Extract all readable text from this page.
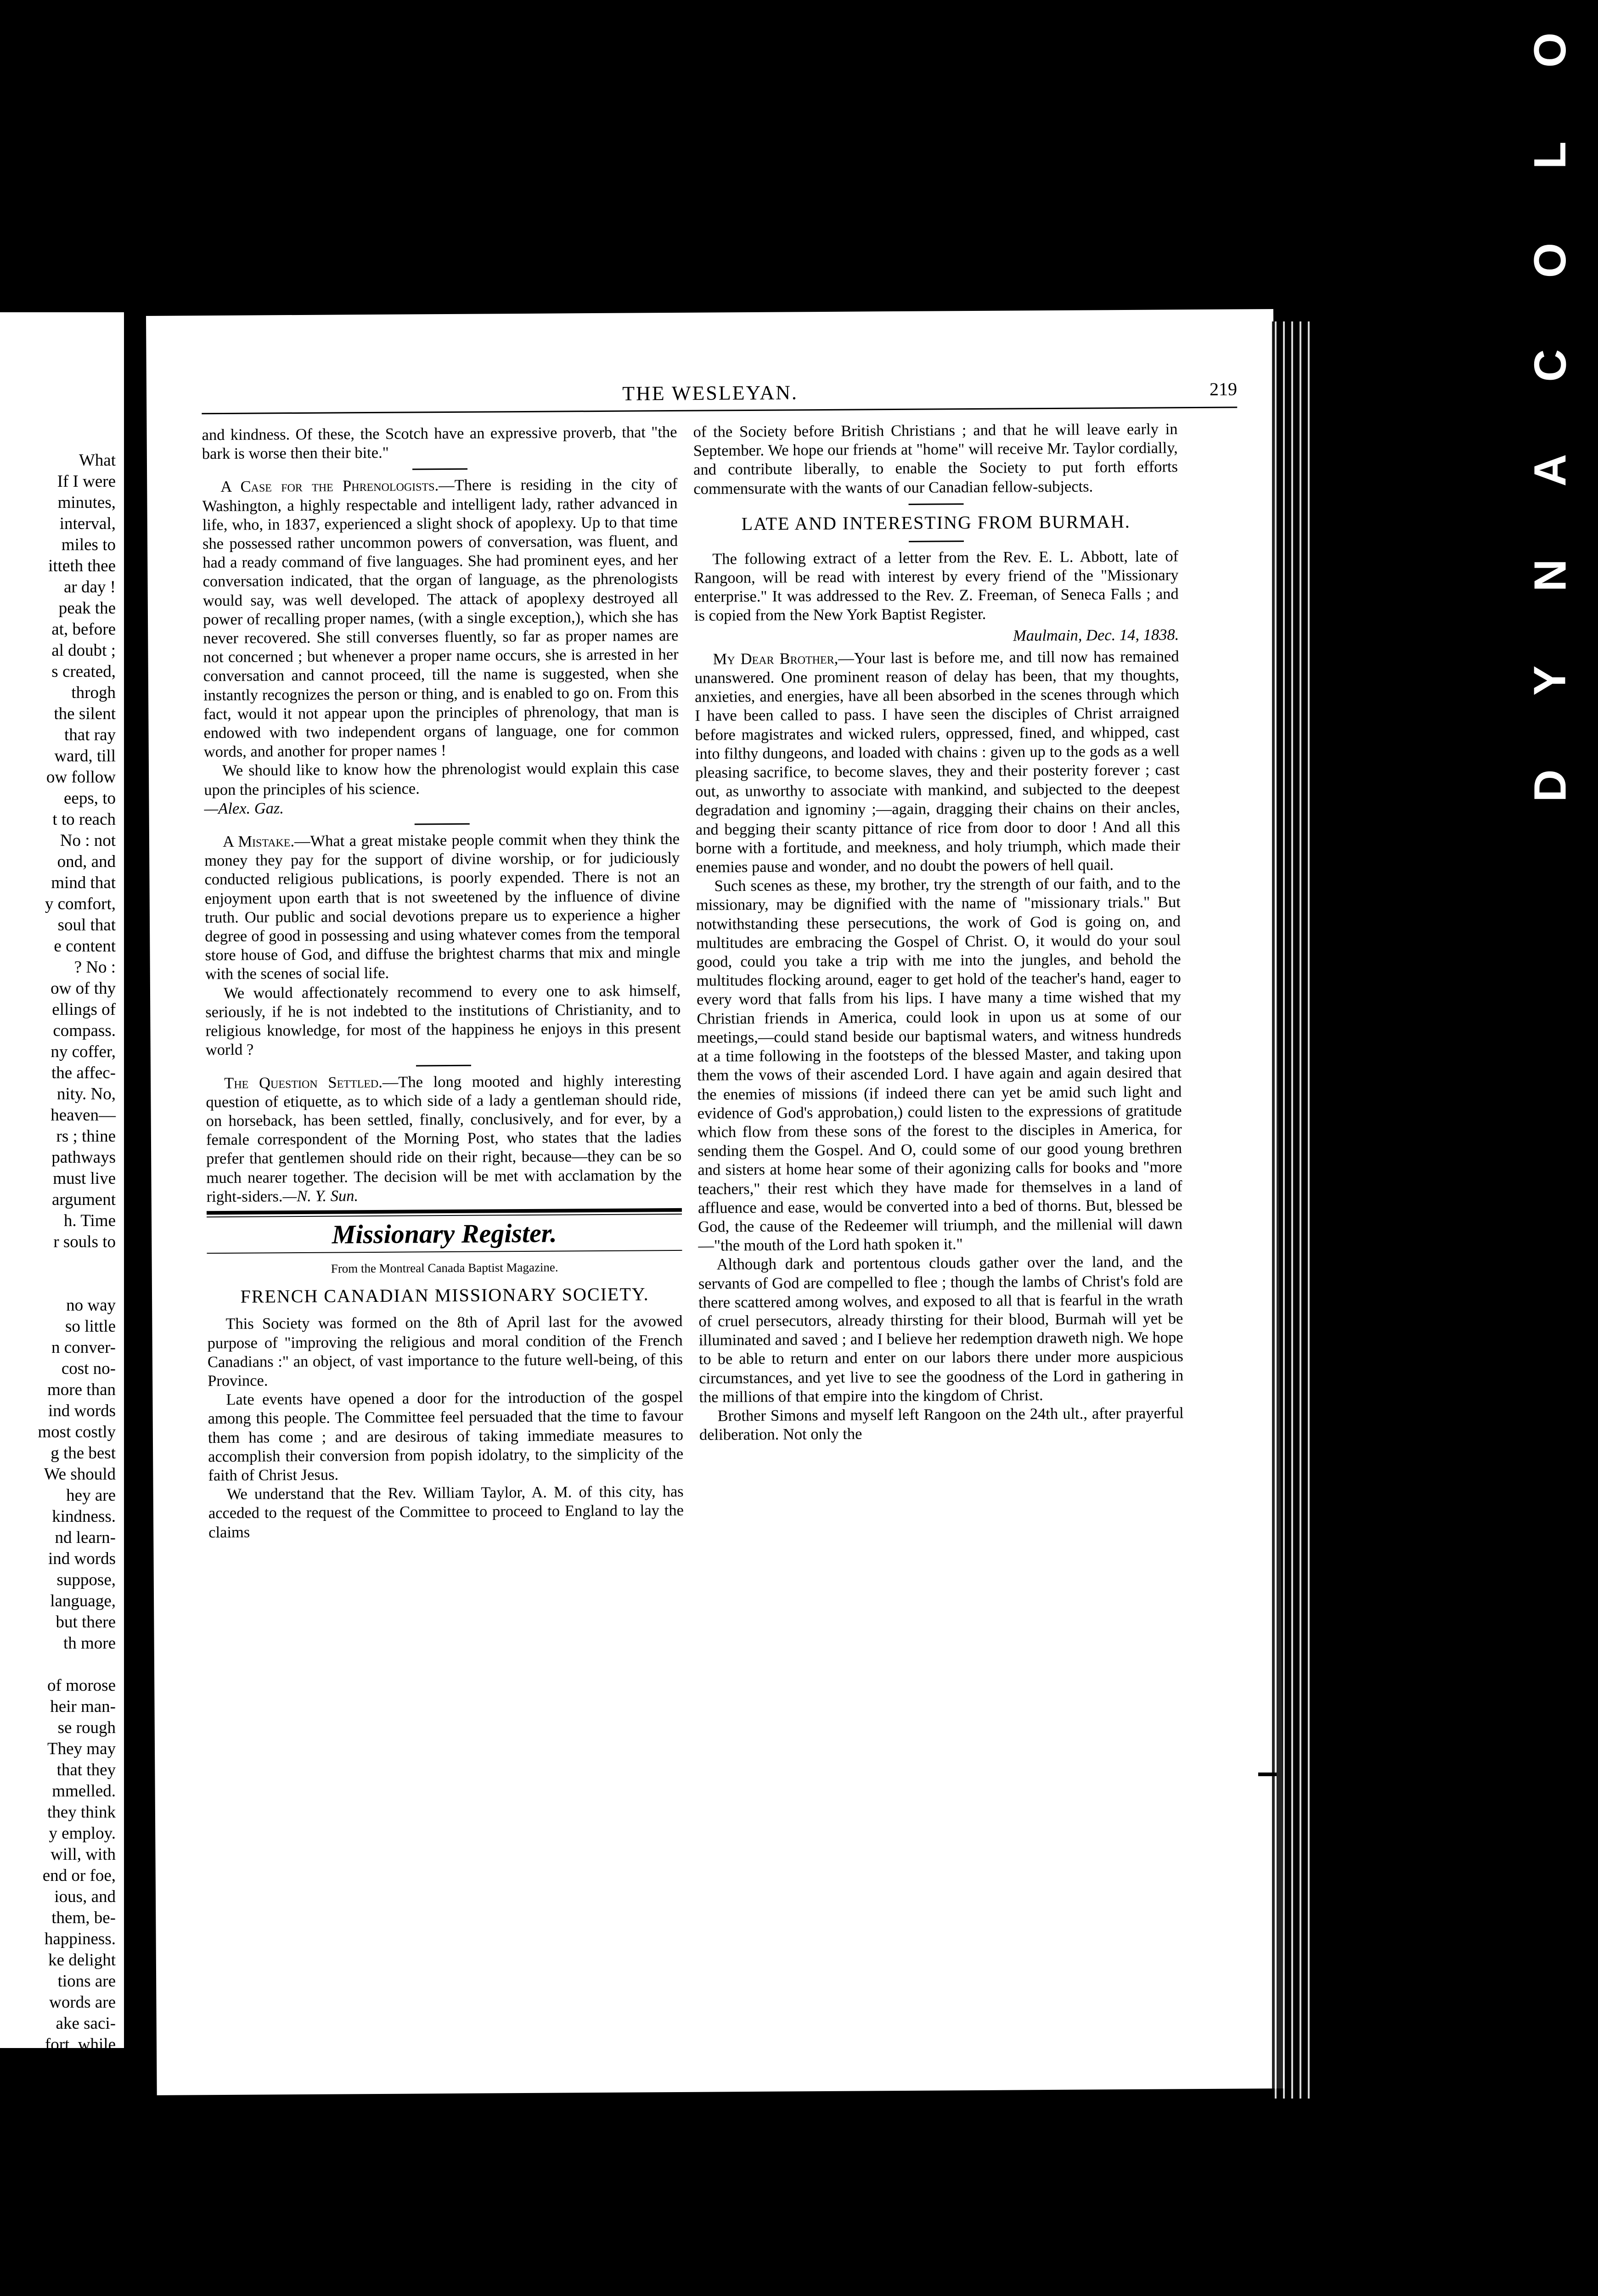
What
If I were
minutes,
interval,
miles to
itteth thee
ar day !
peak the
at, before
al doubt ;
s created,
throgh
the silent
that ray
ward, till
ow follow
eeps, to
t to reach
No : not
ond, and
mind that
y comfort,
soul that
e content
? No :
ow of thy
ellings of
compass.
ny coffer,
the affec-
nity. No,
heaven—
rs ; thine
pathways
must live
argument
h. Time
r souls to
no way
so little
n conver-
cost no-
more than
ind words
most costly
g the best
We should
hey are
kindness.
nd learn-
ind words
suppose,
language,
but there
th more
of morose
heir man-
se rough
They may
that they
mmelled.
they think
y employ.
will, with
end or foe,
ious, and
them, be-
happiness.
ke delight
tions are
words are
ake saci-
fort, while
f courtesy
THE WESLEYAN.	219

and kindness. Of these, the Scotch have an expressive proverb, that "the bark is worse then their bite."

A Case for the Phrenologists.—There is residing in the city of Washington, a highly respectable and intelligent lady, rather advanced in life, who, in 1837, experienced a slight shock of apoplexy. Up to that time she possessed rather uncommon powers of conversation, was fluent, and had a ready command of five languages. She had prominent eyes, and her conversation indicated, that the organ of language, as the phrenologists would say, was well developed. The attack of apoplexy destroyed all power of recalling proper names, (with a single exception,), which she has never recovered. She still converses fluently, so far as proper names are not concerned ; but whenever a proper name occurs, she is arrested in her conversation and cannot proceed, till the name is suggested, when she instantly recognizes the person or thing, and is enabled to go on. From this fact, would it not appear upon the principles of phrenology, that man is endowed with two independent organs of language, one for common words, and another for proper names !

We should like to know how the phrenologist would explain this case upon the principles of his science.
—Alex. Gaz.

A Mistake.—What a great mistake people commit when they think the money they pay for the support of divine worship, or for judiciously conducted religious publications, is poorly expended. There is not an enjoyment upon earth that is not sweetened by the influence of divine truth. Our public and social devotions prepare us to experience a higher degree of good in possessing and using whatever comes from the temporal store house of God, and diffuse the brightest charms that mix and mingle with the scenes of social life.

We would affectionately recommend to every one to ask himself, seriously, if he is not indebted to the institutions of Christianity, and to religious knowledge, for most of the happiness he enjoys in this present world ?

The Question Settled.—The long mooted and highly interesting question of etiquette, as to which side of a lady a gentleman should ride, on horseback, has been settled, finally, conclusively, and for ever, by a female correspondent of the Morning Post, who states that the ladies prefer that gentlemen should ride on their right, because—they can be so much nearer together. The decision will be met with acclamation by the right-siders.—N. Y. Sun.

Missionary Register.
From the Montreal Canada Baptist Magazine.
FRENCH CANADIAN MISSIONARY SOCIETY.

This Society was formed on the 8th of April last for the avowed purpose of "improving the religious and moral condition of the French Canadians :" an object, of vast importance to the future well-being, of this Province.

Late events have opened a door for the introduction of the gospel among this people. The Committee feel persuaded that the time to favour them has come ; and are desirous of taking immediate measures to accomplish their conversion from popish idolatry, to the simplicity of the faith of Christ Jesus.

We understand that the Rev. William Taylor, A. M. of this city, has acceded to the request of the Committee to proceed to England to lay the claims

of the Society before British Christians ; and that he will leave early in September. We hope our friends at "home" will receive Mr. Taylor cordially, and contribute liberally, to enable the Society to put forth efforts commensurate with the wants of our Canadian fellow-subjects.

LATE AND INTERESTING FROM BURMAH.

The following extract of a letter from the Rev. E. L. Abbott, late of Rangoon, will be read with interest by every friend of the "Missionary enterprise." It was addressed to the Rev. Z. Freeman, of Seneca Falls ; and is copied from the New York Baptist Register.

Maulmain, Dec. 14, 1838.

My Dear Brother,—Your last is before me, and till now has remained unanswered. One prominent reason of delay has been, that my thoughts, anxieties, and energies, have all been absorbed in the scenes through which I have been called to pass. I have seen the disciples of Christ arraigned before magistrates and wicked rulers, oppressed, fined, and whipped, cast into filthy dungeons, and loaded with chains : given up to the gods as a well pleasing sacrifice, to become slaves, they and their posterity forever ; cast out, as unworthy to associate with mankind, and subjected to the deepest degradation and ignominy ;—again, dragging their chains on their ancles, and begging their scanty pittance of rice from door to door ! And all this borne with a fortitude, and meekness, and holy triumph, which made their enemies pause and wonder, and no doubt the powers of hell quail.

Such scenes as these, my brother, try the strength of our faith, and to the missionary, may be dignified with the name of "missionary trials." But notwithstanding these persecutions, the work of God is going on, and multitudes are embracing the Gospel of Christ. O, it would do your soul good, could you take a trip with me into the jungles, and behold the multitudes flocking around, eager to get hold of the teacher's hand, eager to every word that falls from his lips. I have many a time wished that my Christian friends in America, could look in upon us at some of our meetings,—could stand beside our baptismal waters, and witness hundreds at a time following in the footsteps of the blessed Master, and taking upon them the vows of their ascended Lord. I have again and again desired that the enemies of missions (if indeed there can yet be amid such light and evidence of God's approbation,) could listen to the expressions of gratitude which flow from these sons of the forest to the disciples in America, for sending them the Gospel. And O, could some of our good young brethren and sisters at home hear some of their agonizing calls for books and "more teachers," their rest which they have made for themselves in a land of affluence and ease, would be converted into a bed of thorns. But, blessed be God, the cause of the Redeemer will triumph, and the millenial will dawn—"the mouth of the Lord hath spoken it."

Although dark and portentous clouds gather over the land, and the servants of God are compelled to flee ; though the lambs of Christ's fold are there scattered among wolves, and exposed to all that is fearful in the wrath of cruel persecutors, already thirsting for their blood, Burmah will yet be illuminated and saved ; and I believe her redemption draweth nigh. We hope to be able to return and enter on our labors there under more auspicious circumstances, and yet live to see the goodness of the Lord in gathering in the millions of that empire into the kingdom of Christ.

Brother Simons and myself left Rangoon on the 24th ult., after prayerful deliberation. Not only the

O
L
O
C
A
N
Y
D
